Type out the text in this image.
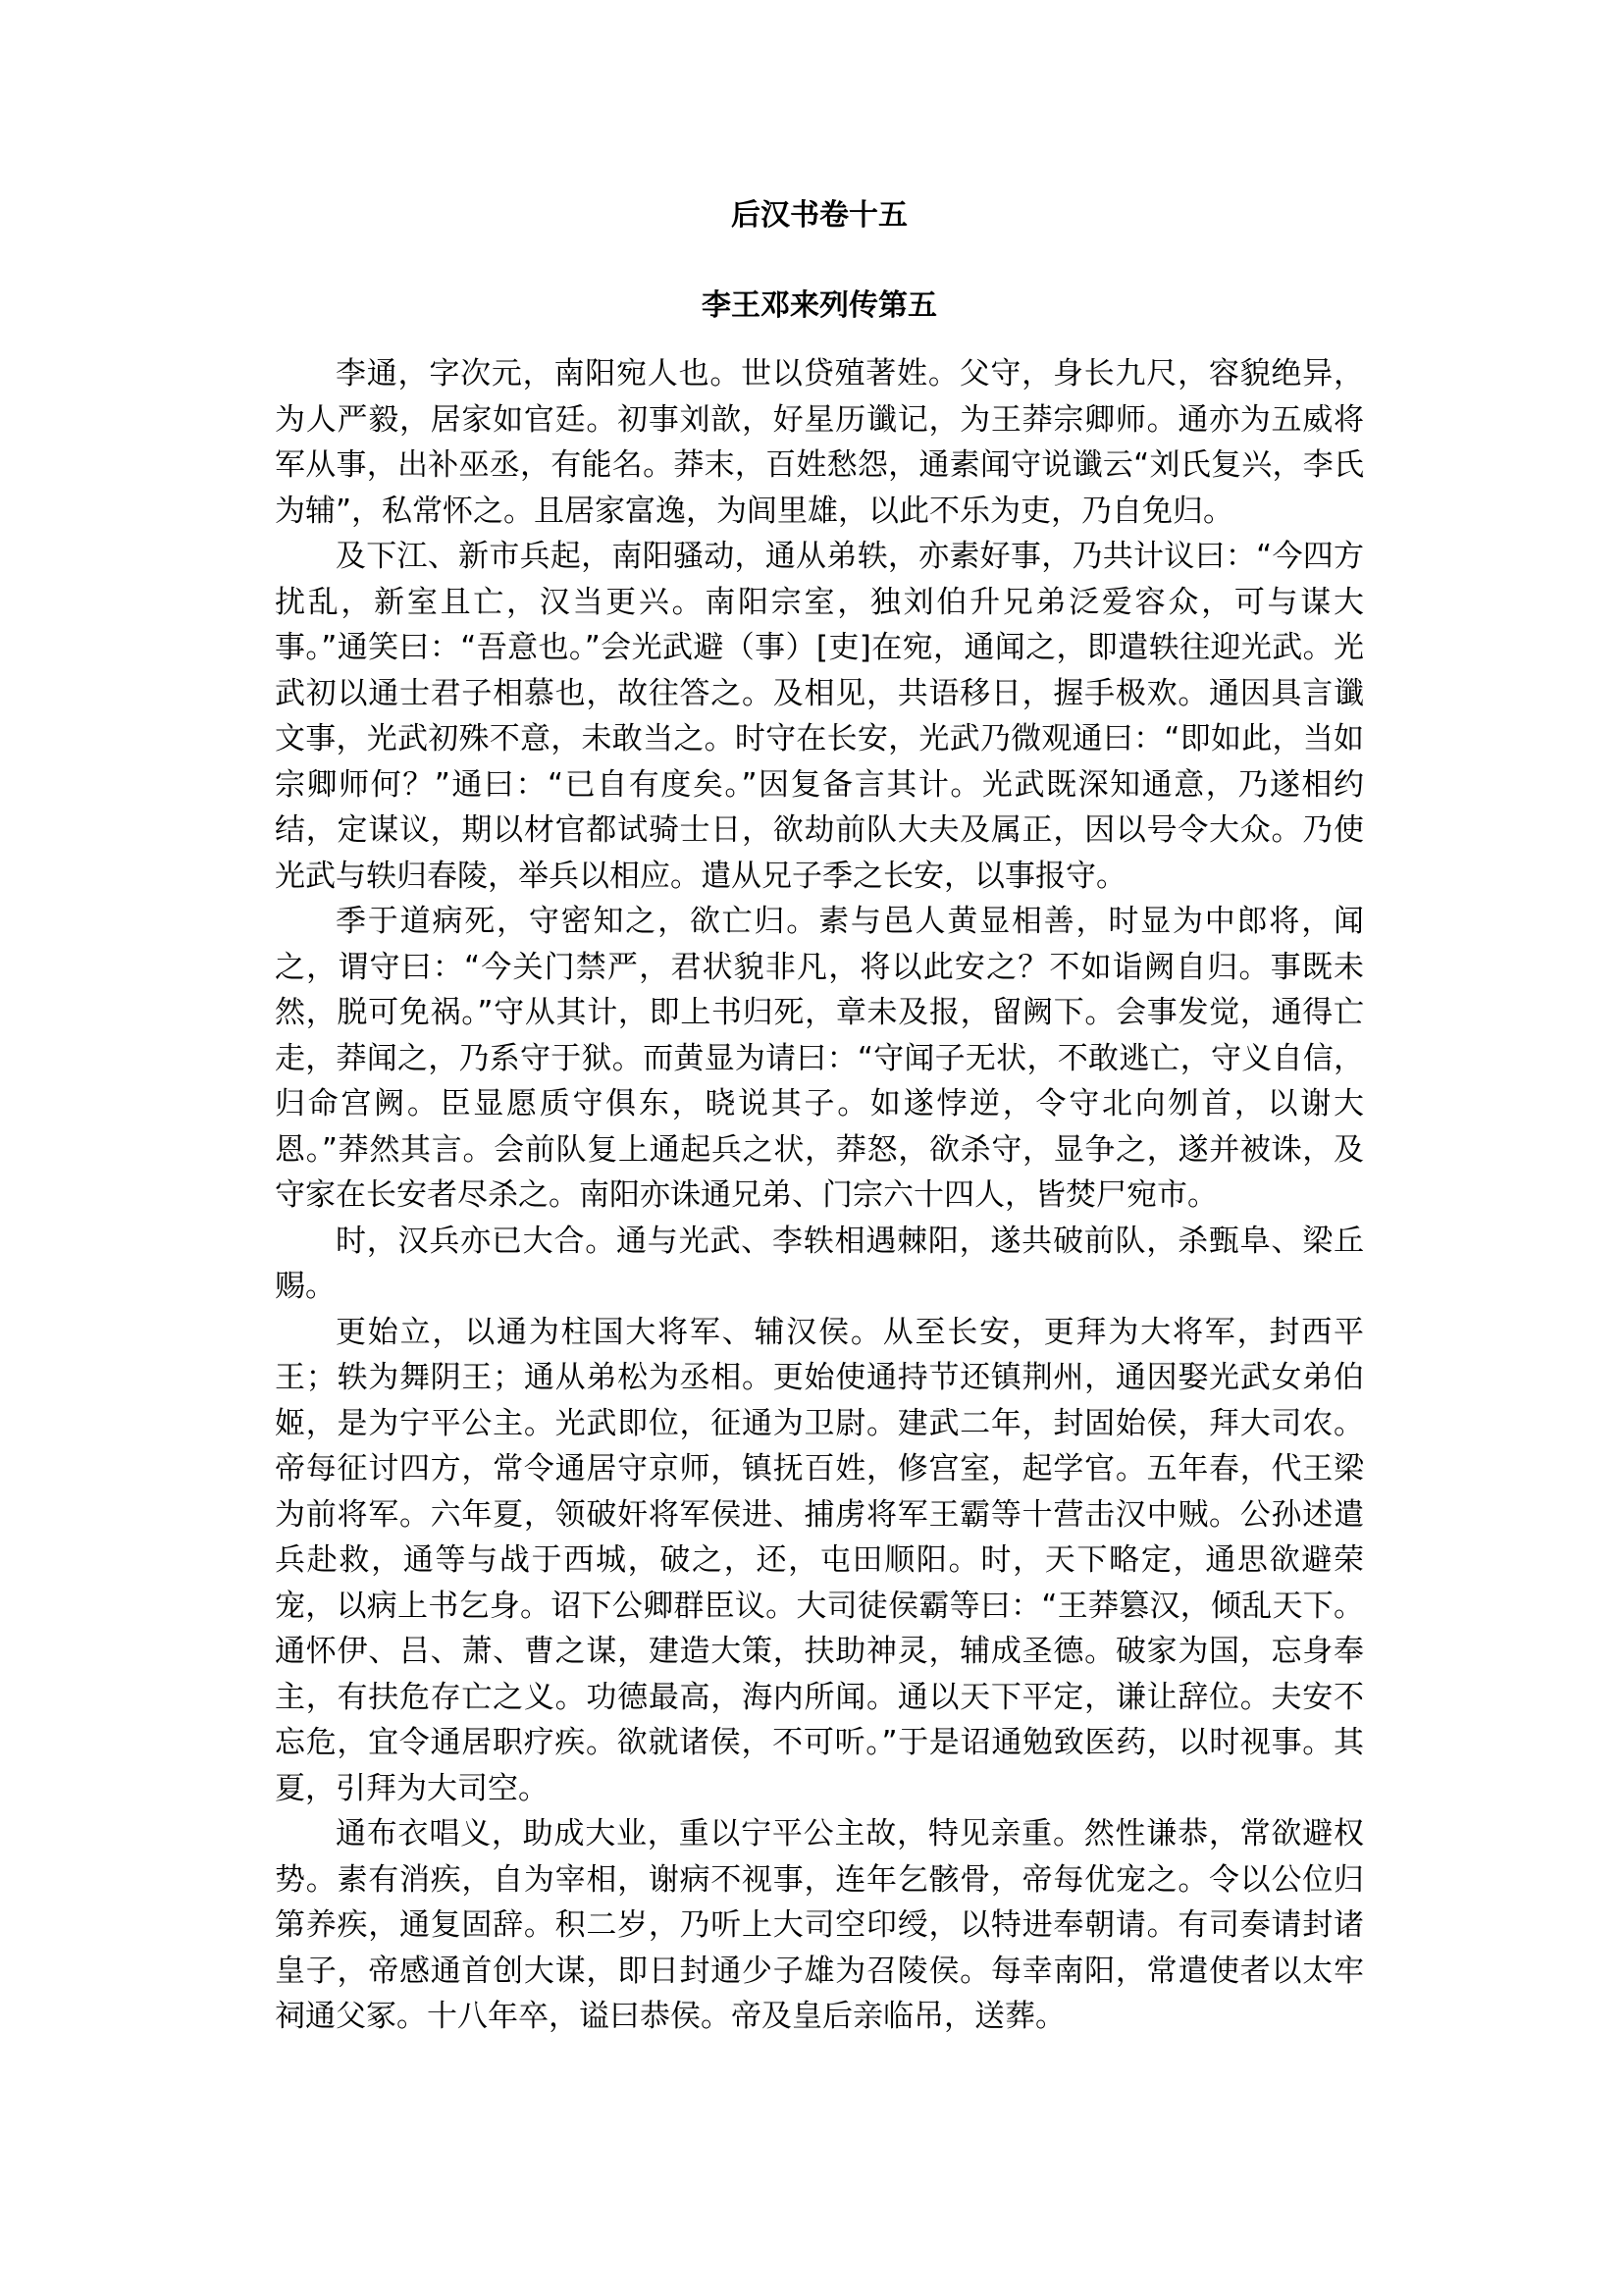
后汉书卷十五
李王邓来列传第五

李通，字次元，南阳宛人也。世以贷殖著姓。父守，身长九尺，容貌绝异，为人严毅，居家如官廷。初事刘歆，好星历谶记，为王莽宗卿师。通亦为五威将军从事，出补巫丞，有能名。莽末，百姓愁怨，通素闻守说谶云“刘氏复兴，李氏为辅”，私常怀之。且居家富逸，为闾里雄，以此不乐为吏，乃自免归。

及下江、新市兵起，南阳骚动，通从弟轶，亦素好事，乃共计议曰：“今四方扰乱，新室且亡，汉当更兴。南阳宗室，独刘伯升兄弟泛爱容众，可与谋大事。”通笑曰：“吾意也。”会光武避（事）[吏]在宛，通闻之，即遣轶往迎光武。光武初以通士君子相慕也，故往答之。及相见，共语移日，握手极欢。通因具言谶文事，光武初殊不意，未敢当之。时守在长安，光武乃微观通曰：“即如此，当如宗卿师何？”通曰：“已自有度矣。”因复备言其计。光武既深知通意，乃遂相约结，定谋议，期以材官都试骑士日，欲劫前队大夫及属正，因以号令大众。乃使光武与轶归春陵，举兵以相应。遣从兄子季之长安，以事报守。

季于道病死，守密知之，欲亡归。素与邑人黄显相善，时显为中郎将，闻之，谓守曰：“今关门禁严，君状貌非凡，将以此安之？不如诣阙自归。事既未然，脱可免祸。”守从其计，即上书归死，章未及报，留阙下。会事发觉，通得亡走，莽闻之，乃系守于狱。而黄显为请曰：“守闻子无状，不敢逃亡，守义自信，归命宫阙。臣显愿质守俱东，晓说其子。如遂悖逆，令守北向刎首，以谢大恩。”莽然其言。会前队复上通起兵之状，莽怒，欲杀守，显争之，遂并被诛，及守家在长安者尽杀之。南阳亦诛通兄弟、门宗六十四人，皆焚尸宛市。

时，汉兵亦已大合。通与光武、李轶相遇棘阳，遂共破前队，杀甄阜、梁丘赐。

更始立，以通为柱国大将军、辅汉侯。从至长安，更拜为大将军，封西平王；轶为舞阴王；通从弟松为丞相。更始使通持节还镇荆州，通因娶光武女弟伯姬，是为宁平公主。光武即位，征通为卫尉。建武二年，封固始侯，拜大司农。帝每征讨四方，常令通居守京师，镇抚百姓，修宫室，起学官。五年春，代王梁为前将军。六年夏，领破奸将军侯进、捕虏将军王霸等十营击汉中贼。公孙述遣兵赴救，通等与战于西城，破之，还，屯田顺阳。时，天下略定，通思欲避荣宠，以病上书乞身。诏下公卿群臣议。大司徒侯霸等曰：“王莽篡汉，倾乱天下。通怀伊、吕、萧、曹之谋，建造大策，扶助神灵，辅成圣德。破家为国，忘身奉主，有扶危存亡之义。功德最高，海内所闻。通以天下平定，谦让辞位。夫安不忘危，宜令通居职疗疾。欲就诸侯，不可听。”于是诏通勉致医药，以时视事。其夏，引拜为大司空。

通布衣唱义，助成大业，重以宁平公主故，特见亲重。然性谦恭，常欲避权势。素有消疾，自为宰相，谢病不视事，连年乞骸骨，帝每优宠之。令以公位归第养疾，通复固辞。积二岁，乃听上大司空印绶，以特进奉朝请。有司奏请封诸皇子，帝感通首创大谋，即日封通少子雄为召陵侯。每幸南阳，常遣使者以太牢祠通父冢。十八年卒，谥曰恭侯。帝及皇后亲临吊，送葬。
